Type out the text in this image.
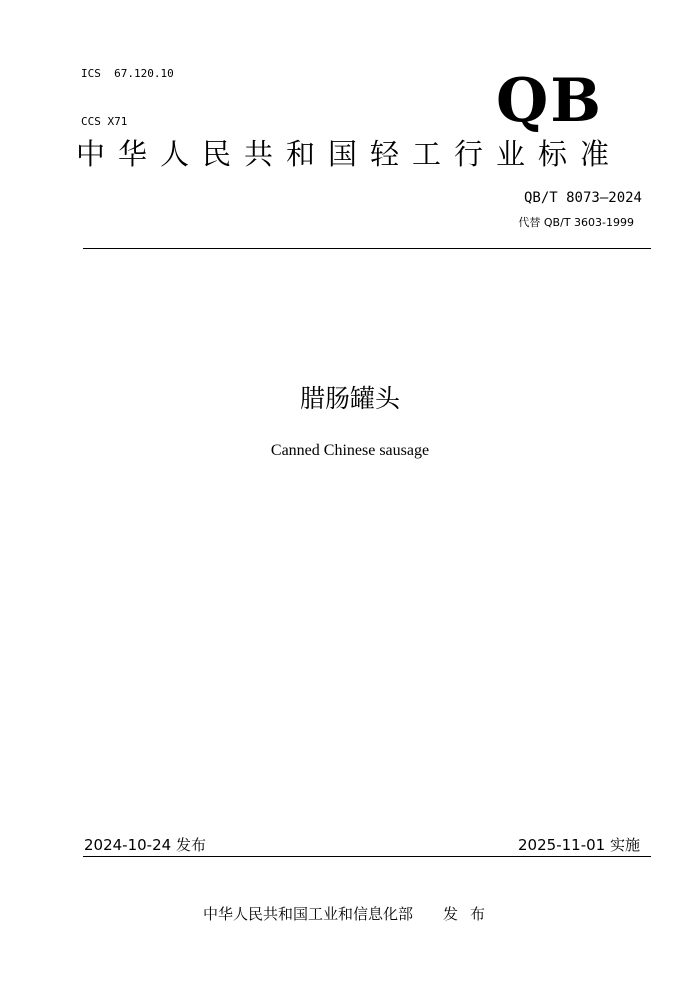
ICS 67.120.10

CCS X71	QB
中华人民共和国轻工行业标准
QB/T 8073—2024
代替 QB/T 3603-1999
腊肠罐头
Canned Chinese sausage
2024-10-24 发布	2025-11-01 实施
中华人民共和国工业和信息化部 发布
